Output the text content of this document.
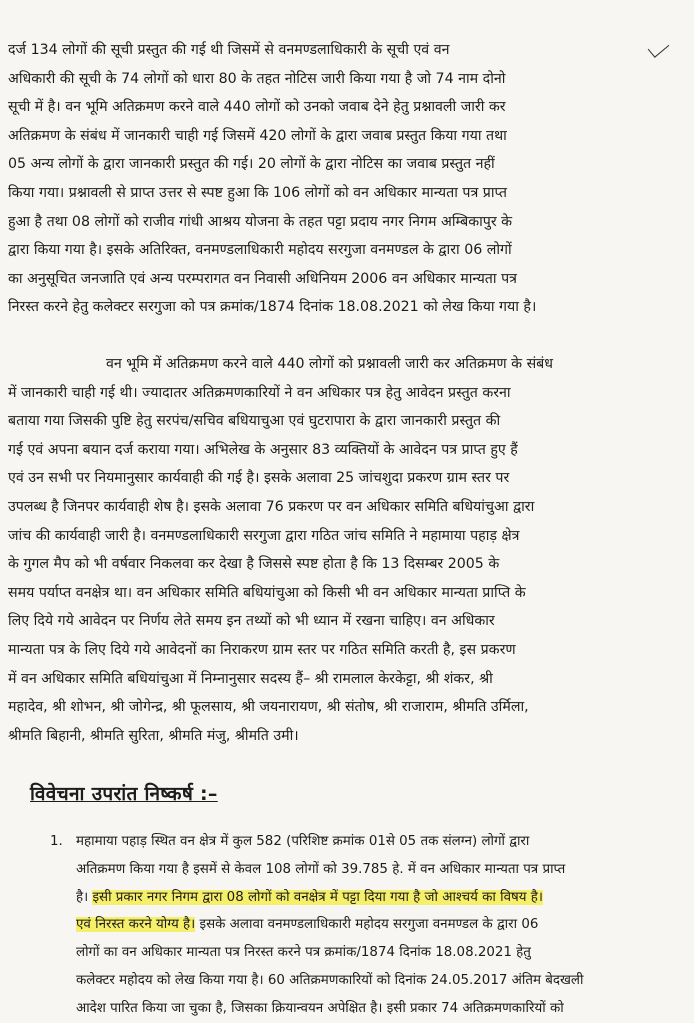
दर्ज 134 लोगों की सूची प्रस्तुत की गई थी जिसमें से वनमण्डलाधिकारी के सूची एवं वन
अधिकारी की सूची के 74 लोगों को धारा 80 के तहत नोटिस जारी किया गया है जो 74 नाम दोनो
सूची में है। वन भूमि अतिक्रमण करने वाले 440 लोगों को उनको जवाब देने हेतु प्रश्नावली जारी कर
अतिक्रमण के संबंध में जानकारी चाही गई जिसमें 420 लोगों के द्वारा जवाब प्रस्तुत किया गया तथा
05 अन्य लोगों के द्वारा जानकारी प्रस्तुत की गई। 20 लोगों के द्वारा नोटिस का जवाब प्रस्तुत नहीं
किया गया। प्रश्नावली से प्राप्त उत्तर से स्पष्ट हुआ कि 106 लोगों को वन अधिकार मान्यता पत्र प्राप्त
हुआ है तथा 08 लोगों को राजीव गांधी आश्रय योजना के तहत पट्टा प्रदाय नगर निगम अम्बिकापुर के
द्वारा किया गया है। इसके अतिरिक्त, वनमण्डलाधिकारी महोदय सरगुजा वनमण्डल के द्वारा 06 लोगों
का अनुसूचित जनजाति एवं अन्य परम्परागत वन निवासी अधिनियम 2006 वन अधिकार मान्यता पत्र
निरस्त करने हेतु कलेक्टर सरगुजा को पत्र क्रमांक/1874 दिनांक 18.08.2021 को लेख किया गया है।
वन भूमि में अतिक्रमण करने वाले 440 लोगों को प्रश्नावली जारी कर अतिक्रमण के संबंध
में जानकारी चाही गई थी। ज्यादातर अतिक्रमणकारियों ने वन अधिकार पत्र हेतु आवेदन प्रस्तुत करना
बताया गया जिसकी पुष्टि हेतु सरपंच/सचिव बधियाचुआ एवं घुटरापारा के द्वारा जानकारी प्रस्तुत की
गई एवं अपना बयान दर्ज कराया गया। अभिलेख के अनुसार 83 व्यक्तियों के आवेदन पत्र प्राप्त हुए हैं
एवं उन सभी पर नियमानुसार कार्यवाही की गई है। इसके अलावा 25 जांचशुदा प्रकरण ग्राम स्तर पर
उपलब्ध है जिनपर कार्यवाही शेष है। इसके अलावा 76 प्रकरण पर वन अधिकार समिति बधियांचुआ द्वारा
जांच की कार्यवाही जारी है। वनमण्डलाधिकारी सरगुजा द्वारा गठित जांच समिति ने महामाया पहाड़ क्षेत्र
के गुगल मैप को भी वर्षवार निकलवा कर देखा है जिससे स्पष्ट होता है कि 13 दिसम्बर 2005 के
समय पर्याप्त वनक्षेत्र था। वन अधिकार समिति बधियांचुआ को किसी भी वन अधिकार मान्यता प्राप्ति के
लिए दिये गये आवेदन पर निर्णय लेते समय इन तथ्यों को भी ध्यान में रखना चाहिए। वन अधिकार
मान्यता पत्र के लिए दिये गये आवेदनों का निराकरण ग्राम स्तर पर गठित समिति करती है, इस प्रकरण
में वन अधिकार समिति बधियांचुआ में निम्नानुसार सदस्य हैं– श्री रामलाल केरकेट्टा, श्री शंकर, श्री
महादेव, श्री शोभन, श्री जोगेन्द्र, श्री फूलसाय, श्री जयनारायण, श्री संतोष, श्री राजाराम, श्रीमति उर्मिला,
श्रीमति बिहानी, श्रीमति सुरिता, श्रीमति मंजु, श्रीमति उमी।
विवेचना उपरांत निष्कर्ष :–
1. महामाया पहाड़ स्थित वन क्षेत्र में कुल 582 (परिशिष्ट क्रमांक 01से 05 तक संलग्न) लोगों द्वारा
अतिक्रमण किया गया है इसमें से केवल 108 लोगों को 39.785 हे. में वन अधिकार मान्यता पत्र प्राप्त
है। इसी प्रकार नगर निगम द्वारा 08 लोगों को वनक्षेत्र में पट्टा दिया गया है जो आश्चर्य का विषय है।
एवं निरस्त करने योग्य है। इसके अलावा वनमण्डलाधिकारी महोदय सरगुजा वनमण्डल के द्वारा 06
लोगों का वन अधिकार मान्यता पत्र निरस्त करने पत्र क्रमांक/1874 दिनांक 18.08.2021 हेतु
कलेक्टर महोदय को लेख किया गया है। 60 अतिक्रमणकारियों को दिनांक 24.05.2017 अंतिम बेदखली
आदेश पारित किया जा चुका है, जिसका क्रियान्वयन अपेक्षित है। इसी प्रकार 74 अतिक्रमणकारियों को
